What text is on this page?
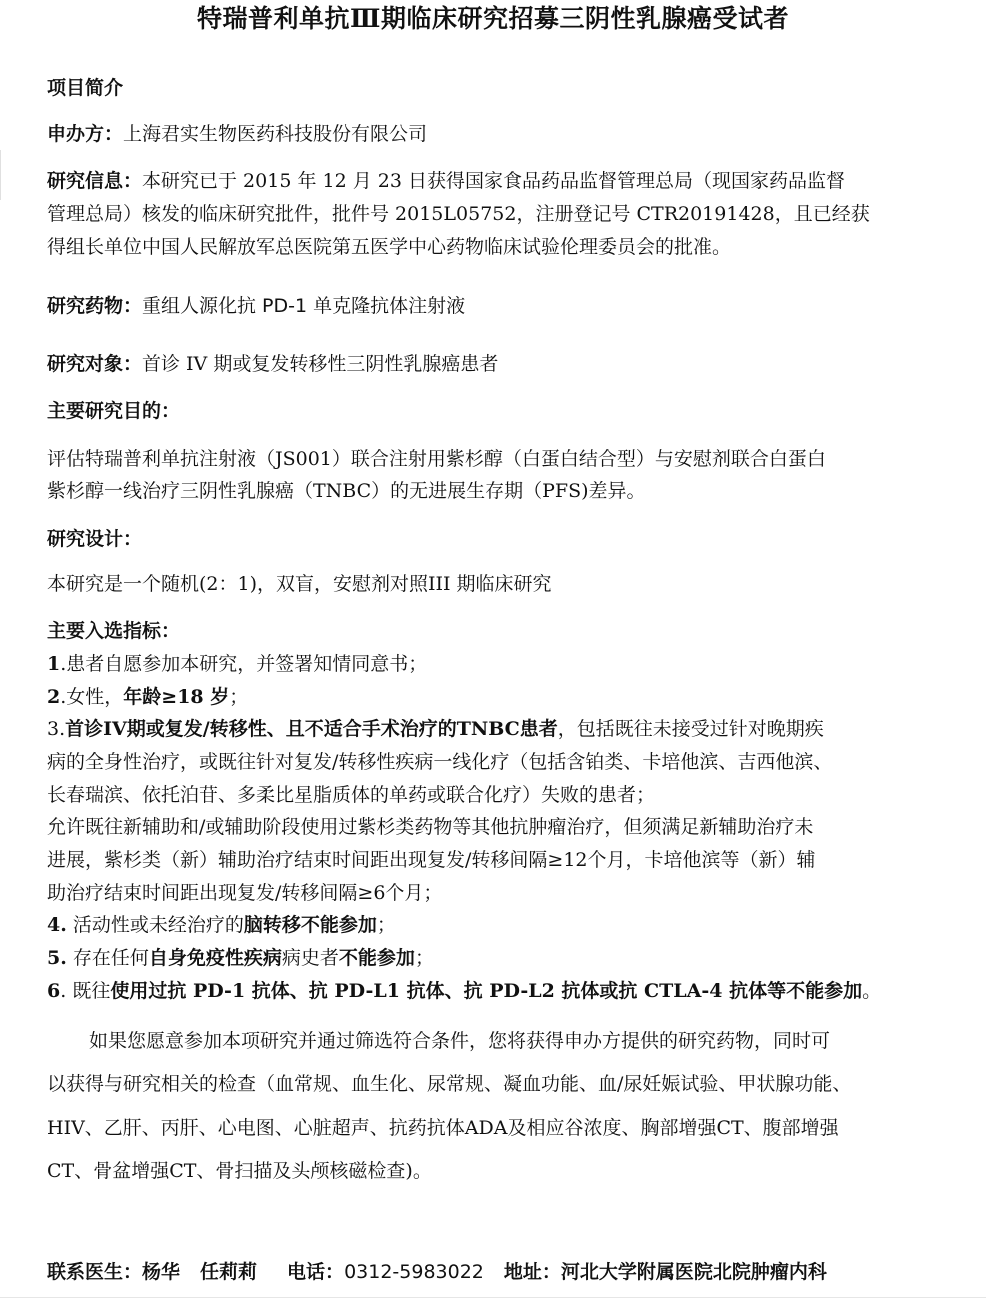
特瑞普利单抗Ⅲ期临床研究招募三阴性乳腺癌受试者
项目简介
申办方：上海君实生物医药科技股份有限公司
研究信息：本研究已于 2015 年 12 月 23 日获得国家食品药品监督管理总局（现国家药品监督
管理总局）核发的临床研究批件，批件号 2015L05752，注册登记号 CTR20191428，且已经获
得组长单位中国人民解放军总医院第五医学中心药物临床试验伦理委员会的批准。
研究药物：重组人源化抗 PD-1 单克隆抗体注射液
研究对象：首诊 IV 期或复发转移性三阴性乳腺癌患者
主要研究目的：
评估特瑞普利单抗注射液（JS001）联合注射用紫杉醇（白蛋白结合型）与安慰剂联合白蛋白
紫杉醇一线治疗三阴性乳腺癌（TNBC）的无进展生存期（PFS)差异。
研究设计：
本研究是一个随机(2：1)，双盲，安慰剂对照III 期临床研究
主要入选指标：
1.患者自愿参加本研究，并签署知情同意书；
2.女性，年龄≥18 岁；
3.首诊IV期或复发/转移性、且不适合手术治疗的TNBC患者，包括既往未接受过针对晚期疾
病的全身性治疗，或既往针对复发/转移性疾病一线化疗（包括含铂类、卡培他滨、吉西他滨、
长春瑞滨、依托泊苷、多柔比星脂质体的单药或联合化疗）失败的患者；
允许既往新辅助和/或辅助阶段使用过紫杉类药物等其他抗肿瘤治疗，但须满足新辅助治疗未
进展，紫杉类（新）辅助治疗结束时间距出现复发/转移间隔≥12个月，卡培他滨等（新）辅
助治疗结束时间距出现复发/转移间隔≥6个月；
4. 活动性或未经治疗的脑转移不能参加；
5. 存在任何自身免疫性疾病病史者不能参加；
6. 既往使用过抗 PD-1 抗体、抗 PD-L1 抗体、抗 PD-L2 抗体或抗 CTLA-4 抗体等不能参加。
如果您愿意参加本项研究并通过筛选符合条件，您将获得申办方提供的研究药物，同时可
以获得与研究相关的检查（血常规、血生化、尿常规、凝血功能、血/尿妊娠试验、甲状腺功能、
HIV、乙肝、丙肝、心电图、心脏超声、抗药抗体ADA及相应谷浓度、胸部增强CT、腹部增强
CT、骨盆增强CT、骨扫描及头颅核磁检查)。
联系医生：杨华 任莉莉 电话：0312-5983022 地址：河北大学附属医院北院肿瘤内科
